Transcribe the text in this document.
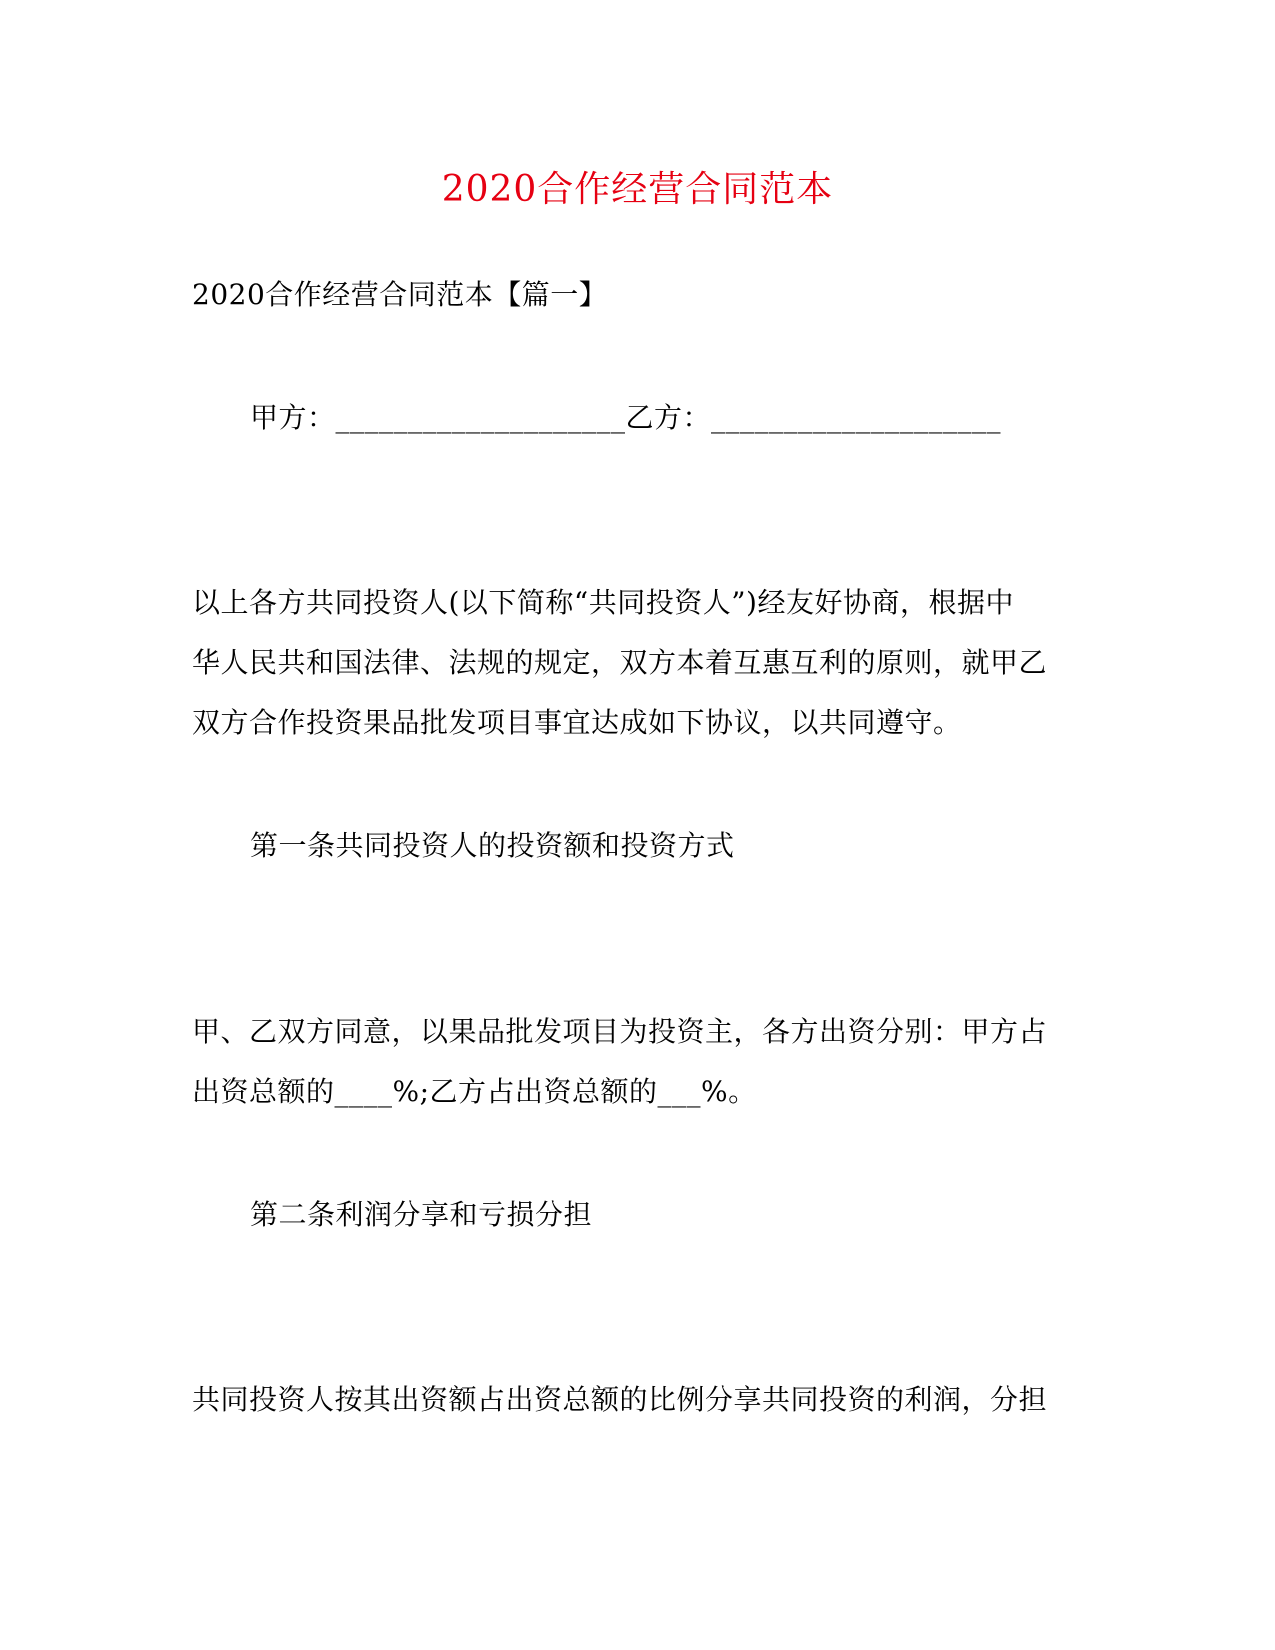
2020合作经营合同范本

2020合作经营合同范本【篇一】

甲方：____________________乙方：____________________

以上各方共同投资人(以下简称“共同投资人”)经友好协商，根据中

华人民共和国法律、法规的规定，双方本着互惠互利的原则，就甲乙

双方合作投资果品批发项目事宜达成如下协议，以共同遵守。

第一条共同投资人的投资额和投资方式

甲、乙双方同意，以果品批发项目为投资主，各方出资分别：甲方占

出资总额的____%;乙方占出资总额的___%。

第二条利润分享和亏损分担

共同投资人按其出资额占出资总额的比例分享共同投资的利润，分担
